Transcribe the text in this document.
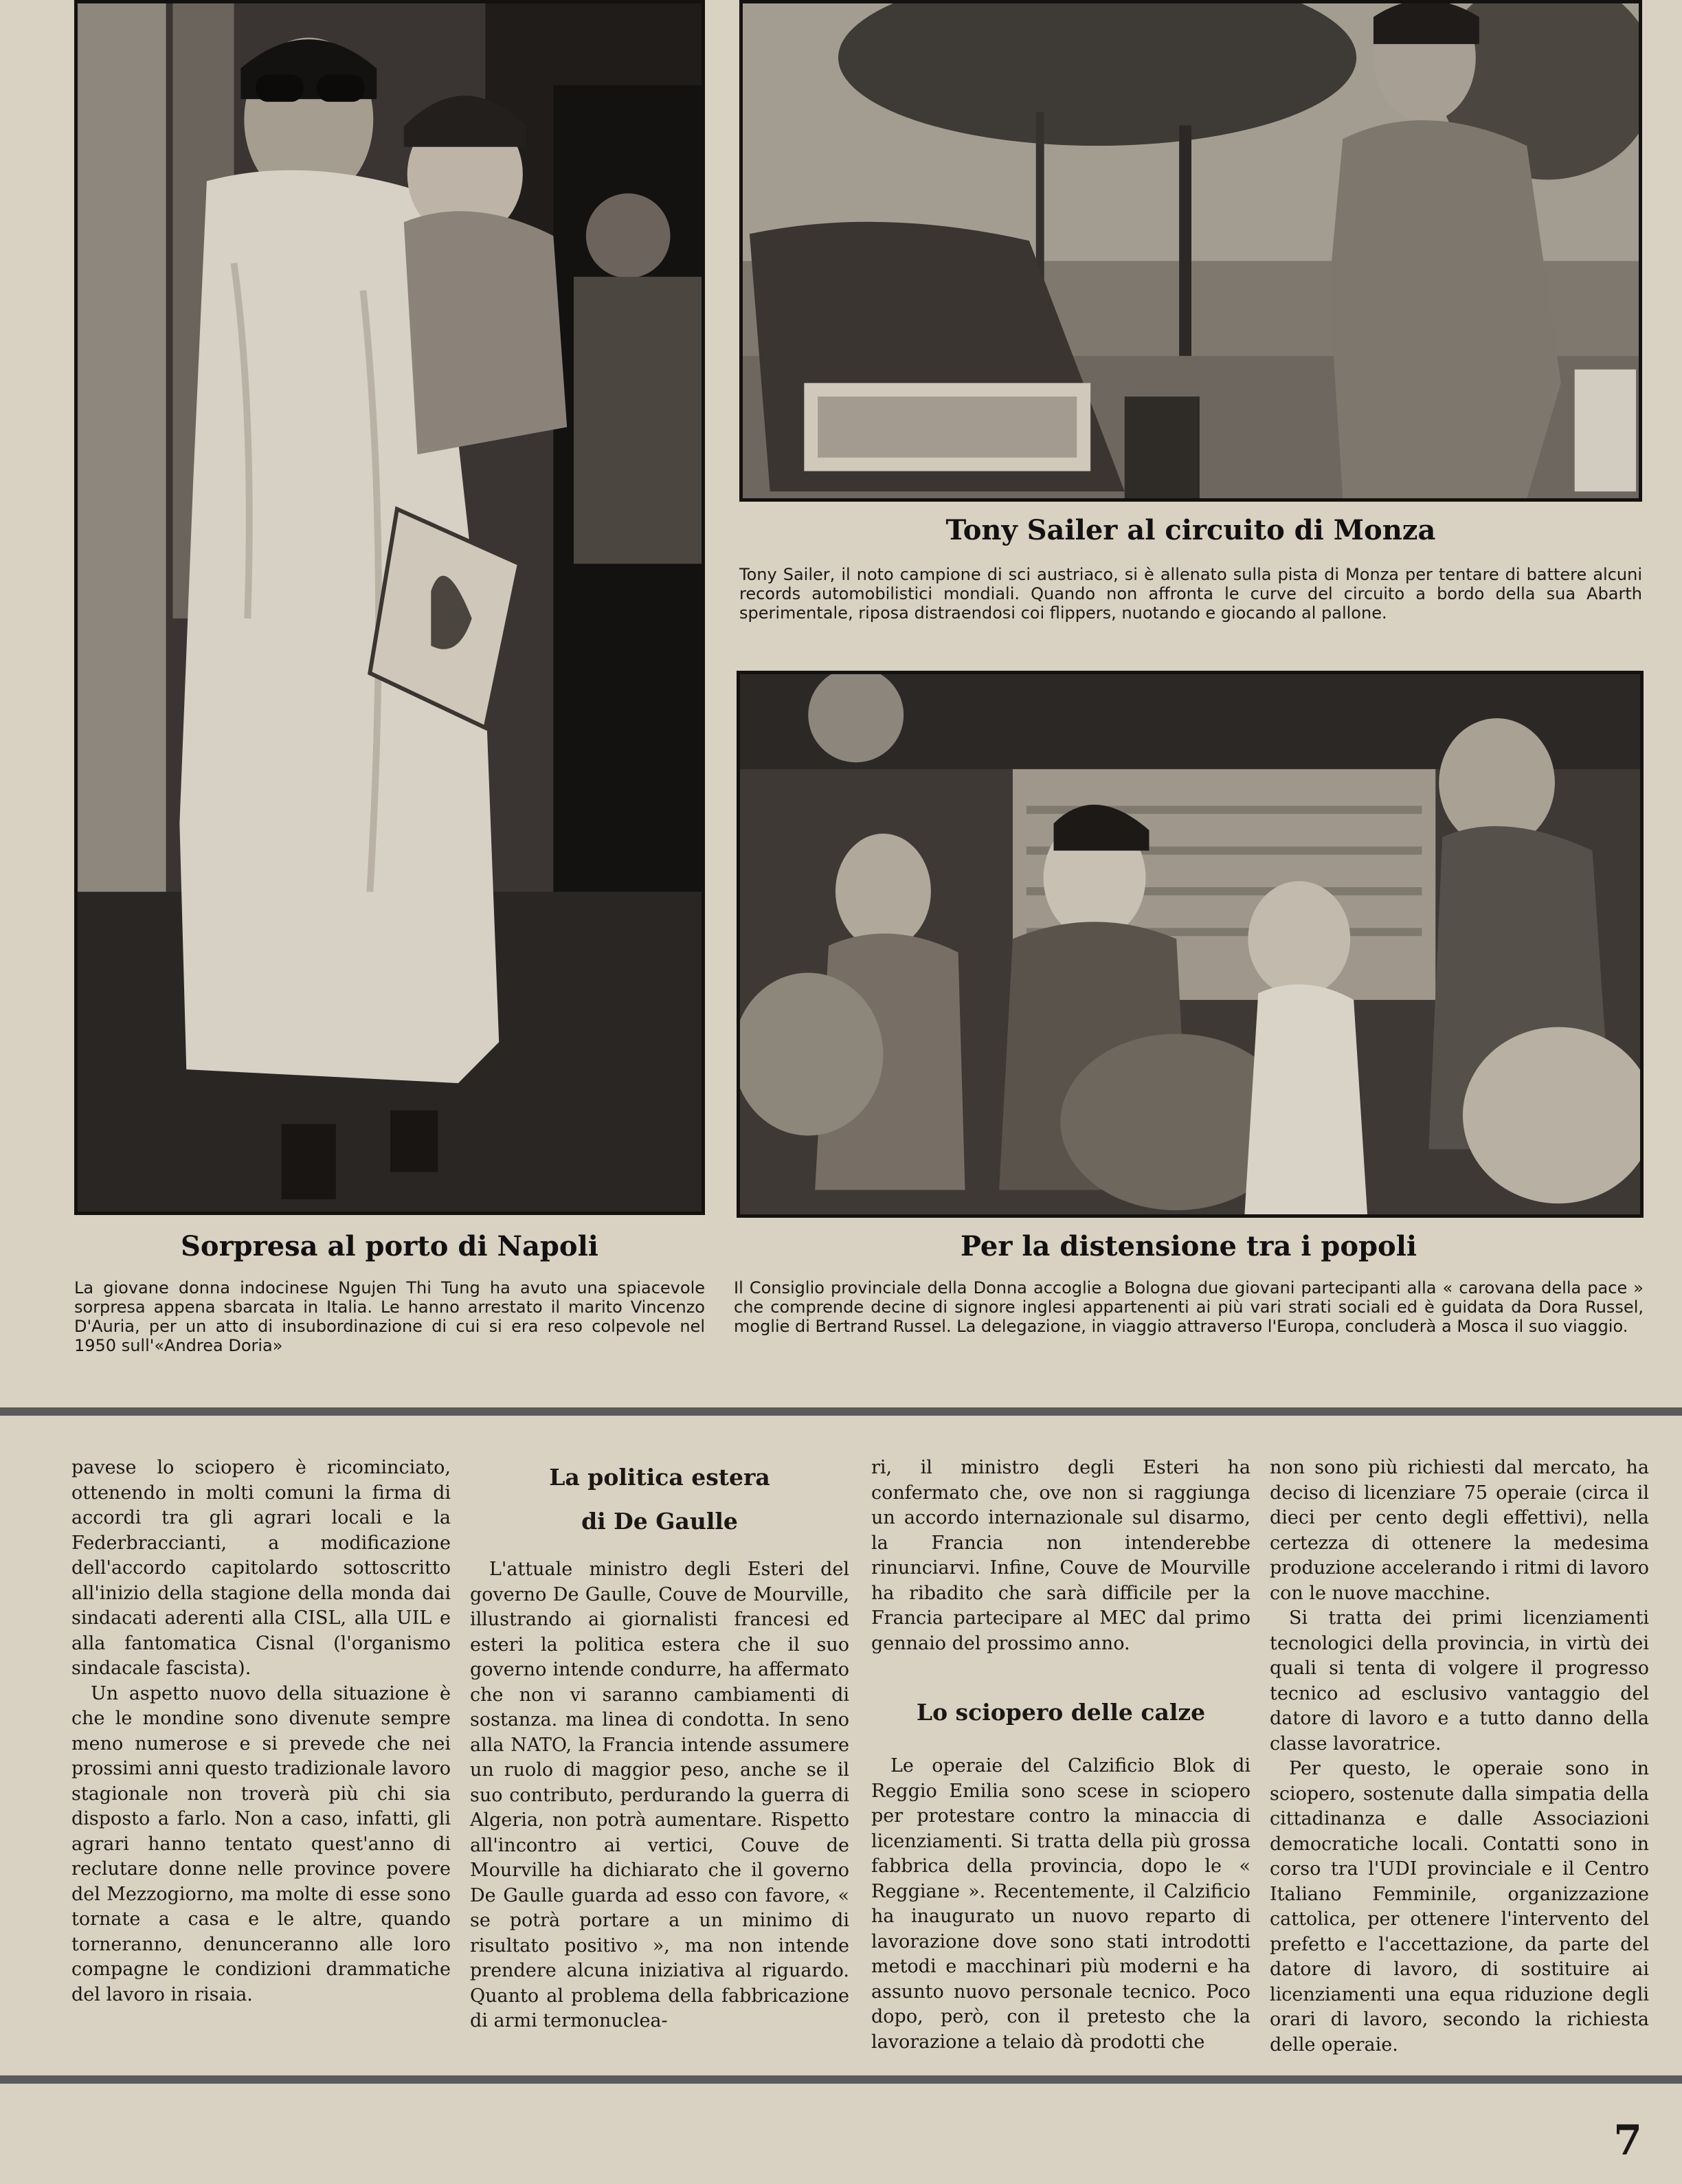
Tony Sailer al circuito di Monza

Tony Sailer, il noto campione di sci austriaco, si è allenato sulla pista di Monza per tentare di battere alcuni records automobilistici mondiali. Quando non affronta le curve del circuito a bordo della sua Abarth sperimentale, riposa distraendosi coi flippers, nuotando e giocando al pallone.

Sorpresa al porto di Napoli

La giovane donna indocinese Ngujen Thi Tung ha avuto una spiacevole sorpresa appena sbarcata in Italia. Le hanno arrestato il marito Vincenzo D'Auria, per un atto di insubordinazione di cui si era reso colpevole nel 1950 sull'«Andrea Doria»

Per la distensione tra i popoli

Il Consiglio provinciale della Donna accoglie a Bologna due giovani partecipanti alla « carovana della pace » che comprende decine di signore inglesi appartenenti ai più vari strati sociali ed è guidata da Dora Russel, moglie di Bertrand Russel. La delegazione, in viaggio attraverso l'Europa, concluderà a Mosca il suo viaggio.

pavese lo sciopero è ricominciato, ottenendo in molti comuni la firma di accordi tra gli agrari locali e la Federbraccianti, a modificazione dell'accordo capitolardo sottoscritto all'inizio della stagione della monda dai sindacati aderenti alla CISL, alla UIL e alla fantomatica Cisnal (l'organismo sindacale fascista).

Un aspetto nuovo della situazione è che le mondine sono divenute sempre meno numerose e si prevede che nei prossimi anni questo tradizionale lavoro stagionale non troverà più chi sia disposto a farlo. Non a caso, infatti, gli agrari hanno tentato quest'anno di reclutare donne nelle province povere del Mezzogiorno, ma molte di esse sono tornate a casa e le altre, quando torneranno, denunceranno alle loro compagne le condizioni drammatiche del lavoro in risaia.

La politica estera
di De Gaulle

L'attuale ministro degli Esteri del governo De Gaulle, Couve de Mourville, illustrando ai giornalisti francesi ed esteri la politica estera che il suo governo intende condurre, ha affermato che non vi saranno cambiamenti di sostanza. ma linea di condotta. In seno alla NATO, la Francia intende assumere un ruolo di maggior peso, anche se il suo contributo, perdurando la guerra di Algeria, non potrà aumentare. Rispetto all'incontro ai vertici, Couve de Mourville ha dichiarato che il governo De Gaulle guarda ad esso con favore, « se potrà portare a un minimo di risultato positivo », ma non intende prendere alcuna iniziativa al riguardo. Quanto al problema della fabbricazione di armi termonuclea-

ri, il ministro degli Esteri ha confermato che, ove non si raggiunga un accordo internazionale sul disarmo, la Francia non intenderebbe rinunciarvi. Infine, Couve de Mourville ha ribadito che sarà difficile per la Francia partecipare al MEC dal primo gennaio del prossimo anno.

Lo sciopero delle calze

Le operaie del Calzificio Blok di Reggio Emilia sono scese in sciopero per protestare contro la minaccia di licenziamenti. Si tratta della più grossa fabbrica della provincia, dopo le « Reggiane ». Recentemente, il Calzificio ha inaugurato un nuovo reparto di lavorazione dove sono stati introdotti metodi e macchinari più moderni e ha assunto nuovo personale tecnico. Poco dopo, però, con il pretesto che la lavorazione a telaio dà prodotti che

non sono più richiesti dal mercato, ha deciso di licenziare 75 operaie (circa il dieci per cento degli effettivi), nella certezza di ottenere la medesima produzione accelerando i ritmi di lavoro con le nuove macchine.

Si tratta dei primi licenziamenti tecnologici della provincia, in virtù dei quali si tenta di volgere il progresso tecnico ad esclusivo vantaggio del datore di lavoro e a tutto danno della classe lavoratrice.

Per questo, le operaie sono in sciopero, sostenute dalla simpatia della cittadinanza e dalle Associazioni democratiche locali. Contatti sono in corso tra l'UDI provinciale e il Centro Italiano Femminile, organizzazione cattolica, per ottenere l'intervento del prefetto e l'accettazione, da parte del datore di lavoro, di sostituire ai licenziamenti una equa riduzione degli orari di lavoro, secondo la richiesta delle operaie.

7
